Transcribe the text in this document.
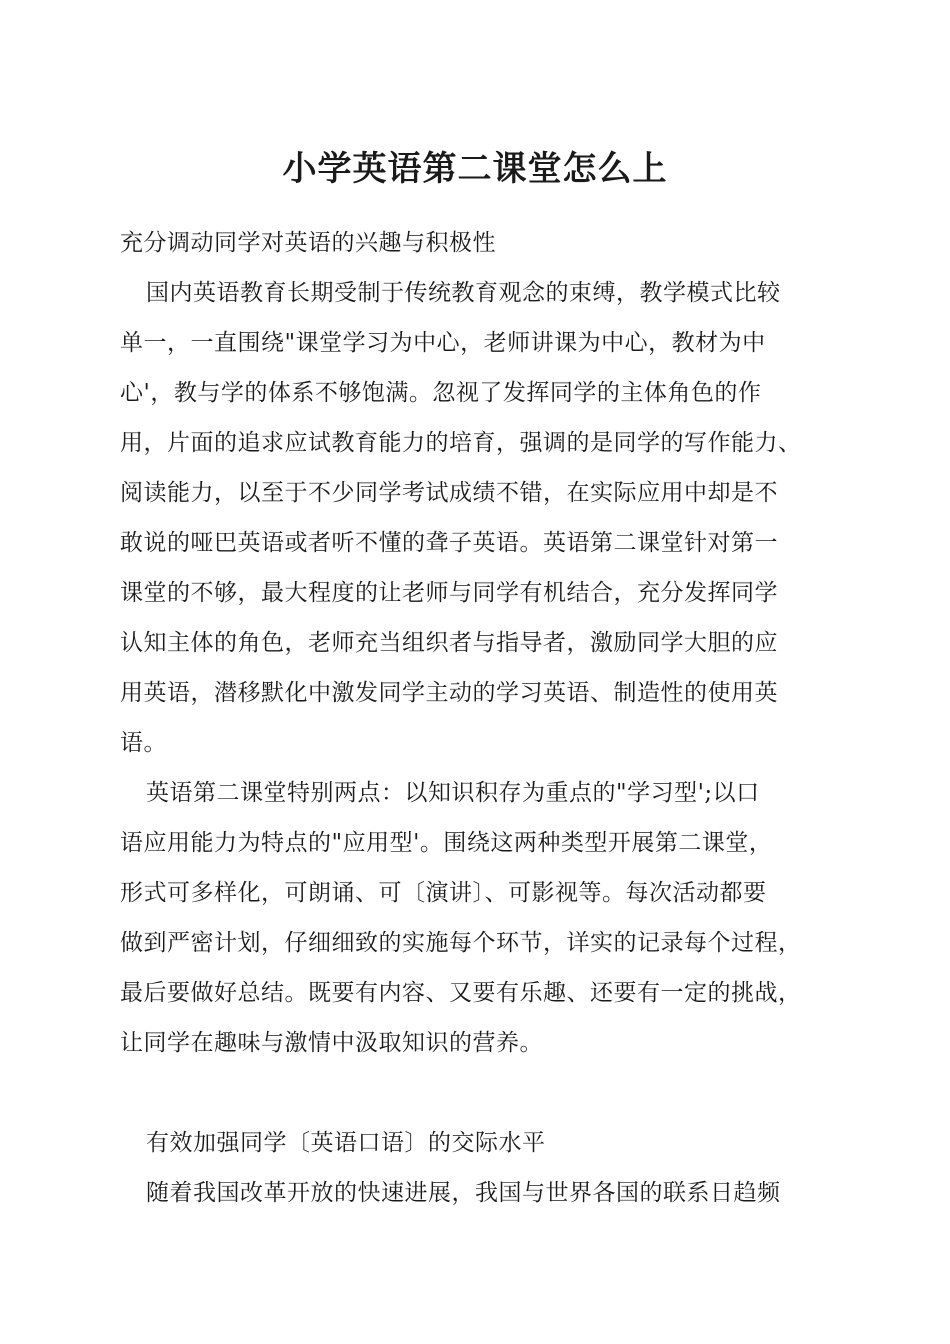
小学英语第二课堂怎么上

充分调动同学对英语的兴趣与积极性

国内英语教育长期受制于传统教育观念的束缚，教学模式比较

单一，一直围绕"课堂学习为中心，老师讲课为中心，教材为中

心'，教与学的体系不够饱满。忽视了发挥同学的主体角色的作

用，片面的追求应试教育能力的培育，强调的是同学的写作能力、

阅读能力，以至于不少同学考试成绩不错，在实际应用中却是不

敢说的哑巴英语或者听不懂的聋子英语。英语第二课堂针对第一

课堂的不够，最大程度的让老师与同学有机结合，充分发挥同学

认知主体的角色，老师充当组织者与指导者，激励同学大胆的应

用英语，潜移默化中激发同学主动的学习英语、制造性的使用英

语。

英语第二课堂特别两点：以知识积存为重点的"学习型';以口

语应用能力为特点的"应用型'。围绕这两种类型开展第二课堂，

形式可多样化，可朗诵、可〔演讲〕、可影视等。每次活动都要

做到严密计划，仔细细致的实施每个环节，详实的记录每个过程，

最后要做好总结。既要有内容、又要有乐趣、还要有一定的挑战，

让同学在趣味与激情中汲取知识的营养。

有效加强同学〔英语口语〕的交际水平

随着我国改革开放的快速进展，我国与世界各国的联系日趋频
